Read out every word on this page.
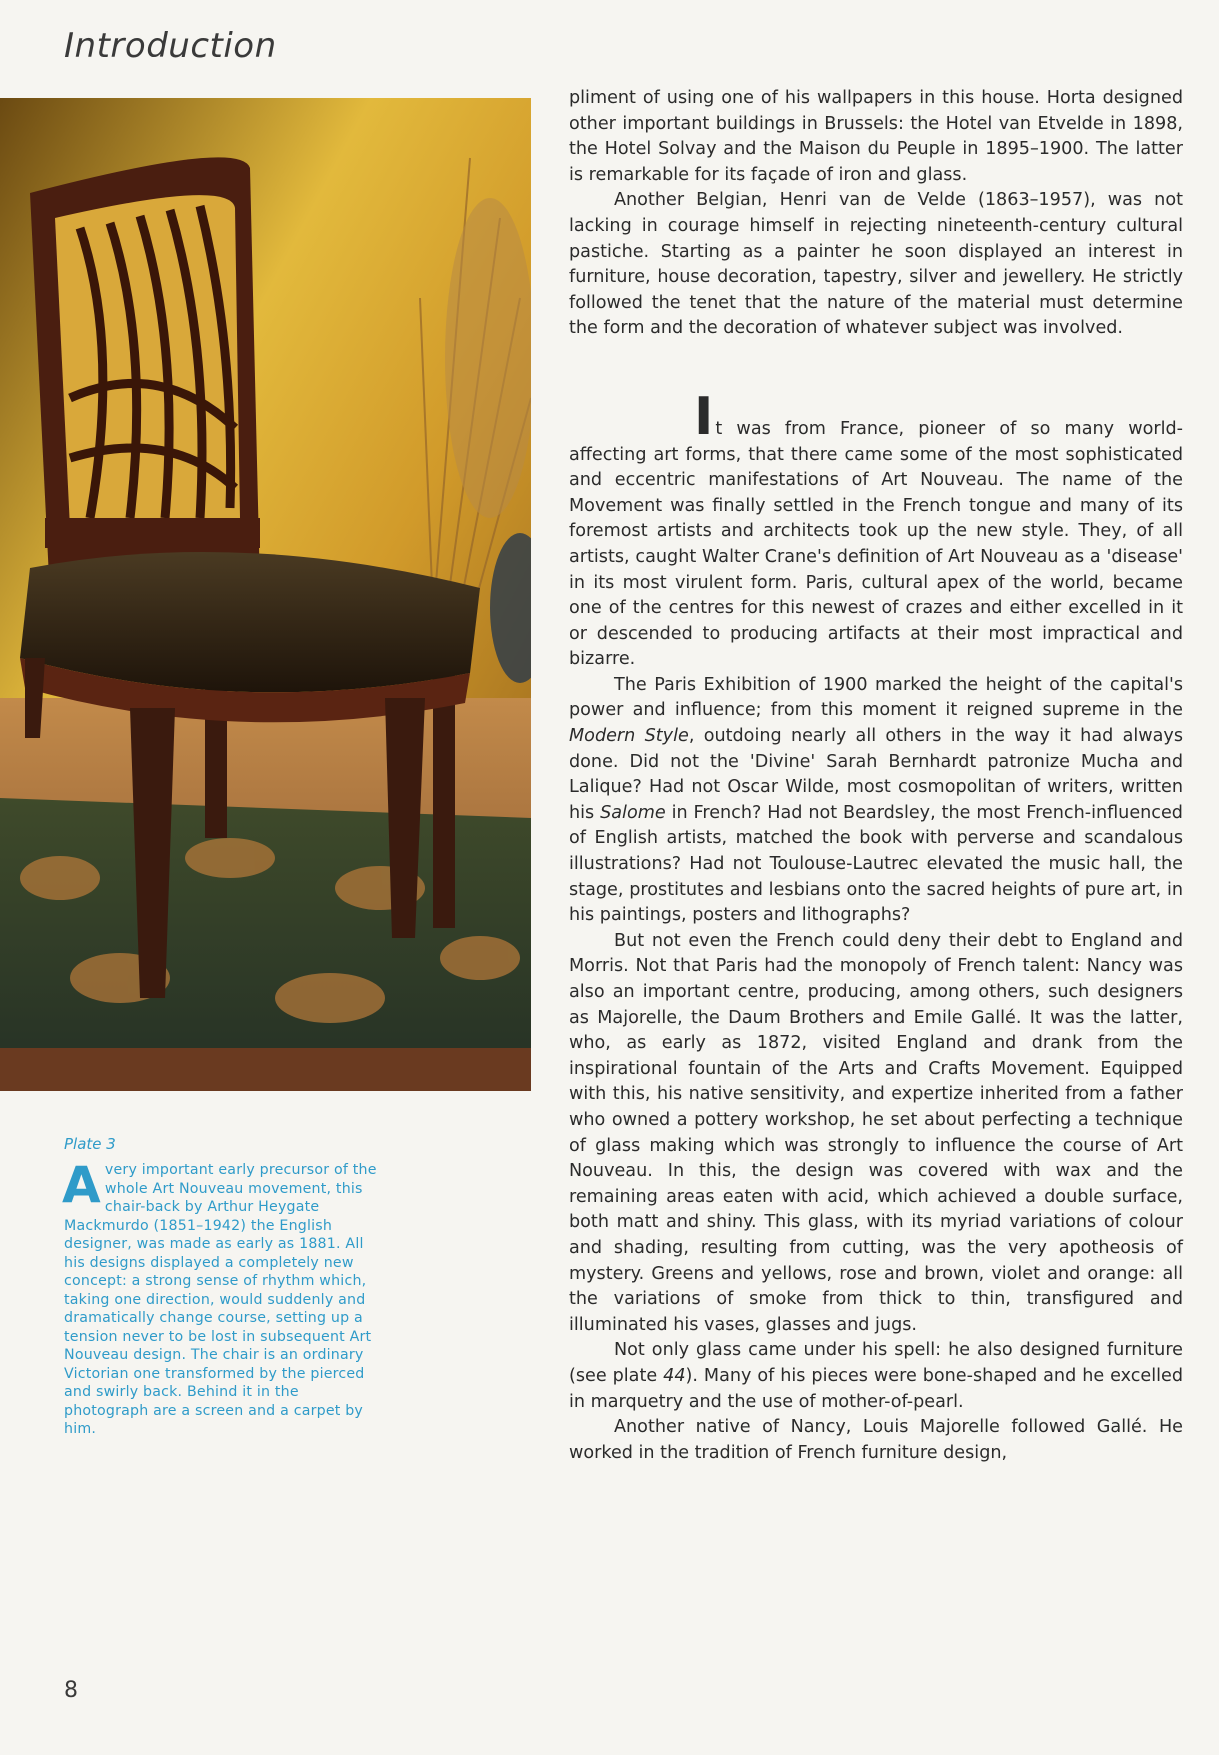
Introduction
Plate 3
Avery important early precursor of the whole Art Nouveau movement, this chair-back by Arthur Heygate Mackmurdo (1851–1942) the English designer, was made as early as 1881. All his designs displayed a completely new concept: a strong sense of rhythm which, taking one direction, would suddenly and dramatically change course, setting up a tension never to be lost in subsequent Art Nouveau design. The chair is an ordinary Victorian one transformed by the pierced and swirly back. Behind it in the photograph are a screen and a carpet by him.

pliment of using one of his wallpapers in this house. Horta designed other important buildings in Brussels: the Hotel van Etvelde in 1898, the Hotel Solvay and the Maison du Peuple in 1895–1900. The latter is remarkable for its façade of iron and glass.

Another Belgian, Henri van de Velde (1863–1957), was not lacking in courage himself in rejecting nineteenth-century cultural pastiche. Starting as a painter he soon displayed an interest in furniture, house decoration, tapestry, silver and jewellery. He strictly followed the tenet that the nature of the material must determine the form and the decoration of whatever subject was involved.

It was from France, pioneer of so many world-affecting art forms, that there came some of the most sophisticated and eccentric manifestations of Art Nouveau. The name of the Movement was finally settled in the French tongue and many of its foremost artists and architects took up the new style. They, of all artists, caught Walter Crane's definition of Art Nouveau as a 'disease' in its most virulent form. Paris, cultural apex of the world, became one of the centres for this newest of crazes and either excelled in it or descended to producing artifacts at their most impractical and bizarre.

The Paris Exhibition of 1900 marked the height of the capital's power and influence; from this moment it reigned supreme in the Modern Style, outdoing nearly all others in the way it had always done. Did not the 'Divine' Sarah Bernhardt patronize Mucha and Lalique? Had not Oscar Wilde, most cosmopolitan of writers, written his Salome in French? Had not Beardsley, the most French-influenced of English artists, matched the book with perverse and scandalous illustrations? Had not Toulouse-Lautrec elevated the music hall, the stage, prostitutes and lesbians onto the sacred heights of pure art, in his paintings, posters and lithographs?

But not even the French could deny their debt to England and Morris. Not that Paris had the monopoly of French talent: Nancy was also an important centre, producing, among others, such designers as Majorelle, the Daum Brothers and Emile Gallé. It was the latter, who, as early as 1872, visited England and drank from the inspirational fountain of the Arts and Crafts Movement. Equipped with this, his native sensitivity, and expertize inherited from a father who owned a pottery workshop, he set about perfecting a technique of glass making which was strongly to influence the course of Art Nouveau. In this, the design was covered with wax and the remaining areas eaten with acid, which achieved a double surface, both matt and shiny. This glass, with its myriad variations of colour and shading, resulting from cutting, was the very apotheosis of mystery. Greens and yellows, rose and brown, violet and orange: all the variations of smoke from thick to thin, transfigured and illuminated his vases, glasses and jugs.

Not only glass came under his spell: he also designed furniture (see plate 44). Many of his pieces were bone-shaped and he excelled in marquetry and the use of mother-of-pearl.

Another native of Nancy, Louis Majorelle followed Gallé. He worked in the tradition of French furniture design,

8
